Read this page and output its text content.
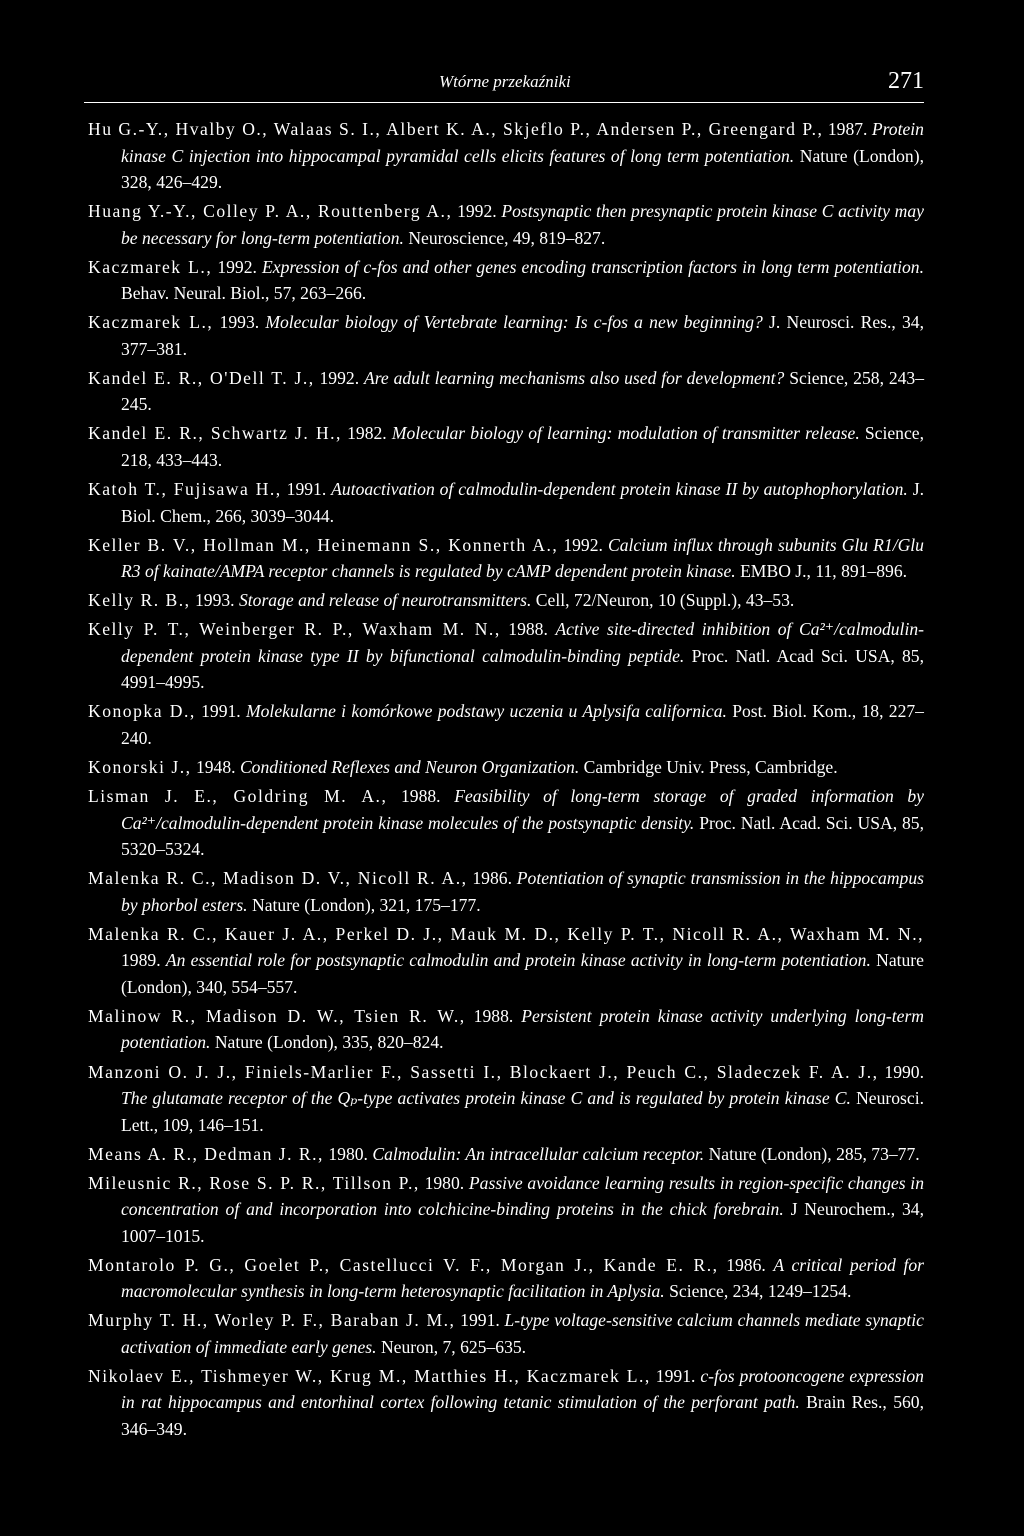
Wtórne przekaźniki	271

Hu G.-Y., Hvalby O., Walaas S. I., Albert K. A., Skjeflo P., Andersen P., Greengard P., 1987. Protein kinase C injection into hippocampal pyramidal cells elicits features of long term potentiation. Nature (London), 328, 426–429.

Huang Y.-Y., Colley P. A., Routtenberg A., 1992. Postsynaptic then presynaptic protein kinase C activity may be necessary for long-term potentiation. Neuroscience, 49, 819–827.

Kaczmarek L., 1992. Expression of c-fos and other genes encoding transcription factors in long term potentiation. Behav. Neural. Biol., 57, 263–266.

Kaczmarek L., 1993. Molecular biology of Vertebrate learning: Is c-fos a new beginning? J. Neurosci. Res., 34, 377–381.

Kandel E. R., O'Dell T. J., 1992. Are adult learning mechanisms also used for development? Science, 258, 243–245.

Kandel E. R., Schwartz J. H., 1982. Molecular biology of learning: modulation of transmitter release. Science, 218, 433–443.

Katoh T., Fujisawa H., 1991. Autoactivation of calmodulin-dependent protein kinase II by autophophorylation. J. Biol. Chem., 266, 3039–3044.

Keller B. V., Hollman M., Heinemann S., Konnerth A., 1992. Calcium influx through subunits Glu R1/Glu R3 of kainate/AMPA receptor channels is regulated by cAMP dependent protein kinase. EMBO J., 11, 891–896.

Kelly R. B., 1993. Storage and release of neurotransmitters. Cell, 72/Neuron, 10 (Suppl.), 43–53.

Kelly P. T., Weinberger R. P., Waxham M. N., 1988. Active site-directed inhibition of Ca²⁺/calmodulin-dependent protein kinase type II by bifunctional calmodulin-binding peptide. Proc. Natl. Acad Sci. USA, 85, 4991–4995.

Konopka D., 1991. Molekularne i komórkowe podstawy uczenia u Aplysifa californica. Post. Biol. Kom., 18, 227–240.

Konorski J., 1948. Conditioned Reflexes and Neuron Organization. Cambridge Univ. Press, Cambridge.

Lisman J. E., Goldring M. A., 1988. Feasibility of long-term storage of graded information by Ca²⁺/calmodulin-dependent protein kinase molecules of the postsynaptic density. Proc. Natl. Acad. Sci. USA, 85, 5320–5324.

Malenka R. C., Madison D. V., Nicoll R. A., 1986. Potentiation of synaptic transmission in the hippocampus by phorbol esters. Nature (London), 321, 175–177.

Malenka R. C., Kauer J. A., Perkel D. J., Mauk M. D., Kelly P. T., Nicoll R. A., Waxham M. N., 1989. An essential role for postsynaptic calmodulin and protein kinase activity in long-term potentiation. Nature (London), 340, 554–557.

Malinow R., Madison D. W., Tsien R. W., 1988. Persistent protein kinase activity underlying long-term potentiation. Nature (London), 335, 820–824.

Manzoni O. J. J., Finiels-Marlier F., Sassetti I., Blockaert J., Peuch C., Sladeczek F. A. J., 1990. The glutamate receptor of the Qₚ-type activates protein kinase C and is regulated by protein kinase C. Neurosci. Lett., 109, 146–151.

Means A. R., Dedman J. R., 1980. Calmodulin: An intracellular calcium receptor. Nature (London), 285, 73–77.

Mileusnic R., Rose S. P. R., Tillson P., 1980. Passive avoidance learning results in region-specific changes in concentration of and incorporation into colchicine-binding proteins in the chick forebrain. J Neurochem., 34, 1007–1015.

Montarolo P. G., Goelet P., Castellucci V. F., Morgan J., Kande E. R., 1986. A critical period for macromolecular synthesis in long-term heterosynaptic facilitation in Aplysia. Science, 234, 1249–1254.

Murphy T. H., Worley P. F., Baraban J. M., 1991. L-type voltage-sensitive calcium channels mediate synaptic activation of immediate early genes. Neuron, 7, 625–635.

Nikolaev E., Tishmeyer W., Krug M., Matthies H., Kaczmarek L., 1991. c-fos protooncogene expression in rat hippocampus and entorhinal cortex following tetanic stimulation of the perforant path. Brain Res., 560, 346–349.
